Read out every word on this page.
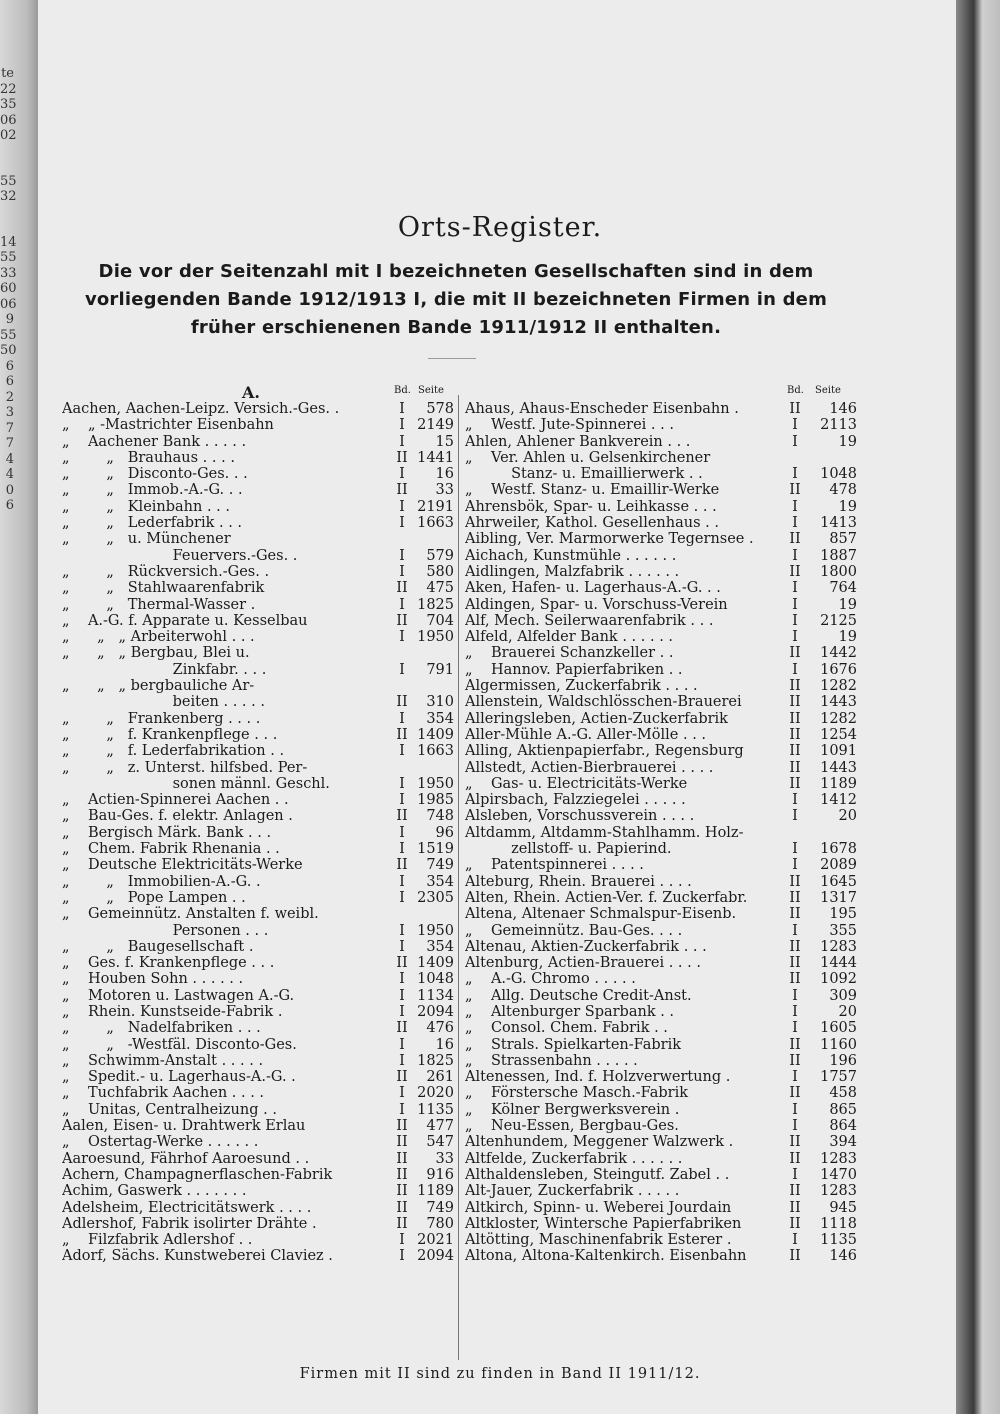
te
22
35
06
02
55
32
14
55
33
60
06
9
55
50
6
6
2
3
7
7
4
4
0
6
Orts-Register.
Die vor der Seitenzahl mit I bezeichneten Gesellschaften sind in dem
vorliegenden Bande 1912/1913 I, die mit II bezeichneten Firmen in dem
früher erschienenen Bande 1911/1912 II enthalten.
A.	Bd. Seite
Aachen, Aachen-Leipz. Versich.-Ges. .	I	578
„    „ -Mastrichter Eisenbahn	I 2149
„    Aachener Bank . . . . .	I	15
„        „   Brauhaus . . . .	II 1441
„        „   Disconto-Ges. . .	I	16
„        „   Immob.-A.-G. . .	II	33
„        „   Kleinbahn . . .	I 2191
„        „   Lederfabrik . . .	I 1663
„        „   u. Münchener
Feuervers.-Ges. .	I	579
„        „   Rückversich.-Ges. .	I	580
„        „   Stahlwaarenfabrik	II	475
„        „   Thermal-Wasser .	I 1825
„    A.-G. f. Apparate u. Kesselbau	II	704
„      „   „ Arbeiterwohl . . .	I 1950
„      „   „ Bergbau, Blei u.
Zinkfabr. . . .	I	791
„      „   „ bergbauliche Ar-
beiten . . . . .	II	310
„        „   Frankenberg . . . .	I	354
„        „   f. Krankenpflege . . .	II 1409
„        „   f. Lederfabrikation . .	I 1663
„        „   z. Unterst. hilfsbed. Per-
sonen männl. Geschl.	I 1950
„    Actien-Spinnerei Aachen . .	I 1985
„    Bau-Ges. f. elektr. Anlagen .	II	748
„    Bergisch Märk. Bank . . .	I	96
„    Chem. Fabrik Rhenania . .	I 1519
„    Deutsche Elektricitäts-Werke	II	749
„        „   Immobilien-A.-G. .	I	354
„        „   Pope Lampen . .	I 2305
„    Gemeinnütz. Anstalten f. weibl.
Personen . . .	I 1950
„        „   Baugesellschaft .	I	354
„    Ges. f. Krankenpflege . . .	II 1409
„    Houben Sohn . . . . . .	I 1048
„    Motoren u. Lastwagen A.-G.	I 1134
„    Rhein. Kunstseide-Fabrik .	I 2094
„        „   Nadelfabriken . . .	II	476
„        „   -Westfäl. Disconto-Ges.	I	16
„    Schwimm-Anstalt . . . . .	I 1825
„    Spedit.- u. Lagerhaus-A.-G. .	II	261
„    Tuchfabrik Aachen . . . .	I 2020
„    Unitas, Centralheizung . .	I 1135
Aalen, Eisen- u. Drahtwerk Erlau	II	477
„    Ostertag-Werke . . . . . .	II	547
Aaroesund, Fährhof Aaroesund . .	II	33
Achern, Champagnerflaschen-Fabrik	II	916
Achim, Gaswerk . . . . . . .	II 1189
Adelsheim, Electricitätswerk . . . .	II	749
Adlershof, Fabrik isolirter Drähte .	II	780
„    Filzfabrik Adlershof . .	I 2021
Adorf, Sächs. Kunstweberei Claviez .	I 2094
Bd. Seite
Ahaus, Ahaus-Enscheder Eisenbahn .	II	146
„    Westf. Jute-Spinnerei . . .	I	2113
Ahlen, Ahlener Bankverein . . .	I	19
„    Ver. Ahlen u. Gelsenkirchener
Stanz- u. Emaillierwerk . .	I	1048
„    Westf. Stanz- u. Emaillir-Werke	II	478
Ahrensbök, Spar- u. Leihkasse . . .	I	19
Ahrweiler, Kathol. Gesellenhaus . .	I	1413
Aibling, Ver. Marmorwerke Tegernsee .	II	857
Aichach, Kunstmühle . . . . . .	I	1887
Aidlingen, Malzfabrik . . . . . .	II	1800
Aken, Hafen- u. Lagerhaus-A.-G. . .	I	764
Aldingen, Spar- u. Vorschuss-Verein	I	19
Alf, Mech. Seilerwaarenfabrik . . .	I	2125
Alfeld, Alfelder Bank . . . . . .	I	19
„    Brauerei Schanzkeller . .	II	1442
„    Hannov. Papierfabriken . .	I	1676
Algermissen, Zuckerfabrik . . . .	II	1282
Allenstein, Waldschlösschen-Brauerei	II	1443
Alleringsleben, Actien-Zuckerfabrik	II	1282
Aller-Mühle A.-G. Aller-Mölle . . .	II	1254
Alling, Aktienpapierfabr., Regensburg	II	1091
Allstedt, Actien-Bierbrauerei . . . .	II	1443
„    Gas- u. Electricitäts-Werke	II	1189
Alpirsbach, Falzziegelei . . . . .	I	1412
Alsleben, Vorschussverein . . . .	I	20
Altdamm, Altdamm-Stahlhamm. Holz-
zellstoff- u. Papierind.	I	1678
„    Patentspinnerei . . . .	I	2089
Alteburg, Rhein. Brauerei . . . .	II	1645
Alten, Rhein. Actien-Ver. f. Zuckerfabr.	II	1317
Altena, Altenaer Schmalspur-Eisenb.	II	195
„    Gemeinnütz. Bau-Ges. . . .	I	355
Altenau, Aktien-Zuckerfabrik . . .	II	1283
Altenburg, Actien-Brauerei . . . .	II	1444
„    A.-G. Chromo . . . . .	II	1092
„    Allg. Deutsche Credit-Anst.	I	309
„    Altenburger Sparbank . .	I	20
„    Consol. Chem. Fabrik . .	I	1605
„    Strals. Spielkarten-Fabrik	II	1160
„    Strassenbahn . . . . .	II	196
Altenessen, Ind. f. Holzverwertung .	I	1757
„    Förstersche Masch.-Fabrik	II	458
„    Kölner Bergwerksverein .	I	865
„    Neu-Essen, Bergbau-Ges.	I	864
Altenhundem, Meggener Walzwerk .	II	394
Altfelde, Zuckerfabrik . . . . . .	II	1283
Althaldensleben, Steingutf. Zabel . .	I	1470
Alt-Jauer, Zuckerfabrik . . . . .	II	1283
Altkirch, Spinn- u. Weberei Jourdain	II	945
Altkloster, Wintersche Papierfabriken	II	1118
Altötting, Maschinenfabrik Esterer .	I	1135
Altona, Altona-Kaltenkirch. Eisenbahn	II	146
Firmen mit II sind zu finden in Band II 1911/12.
